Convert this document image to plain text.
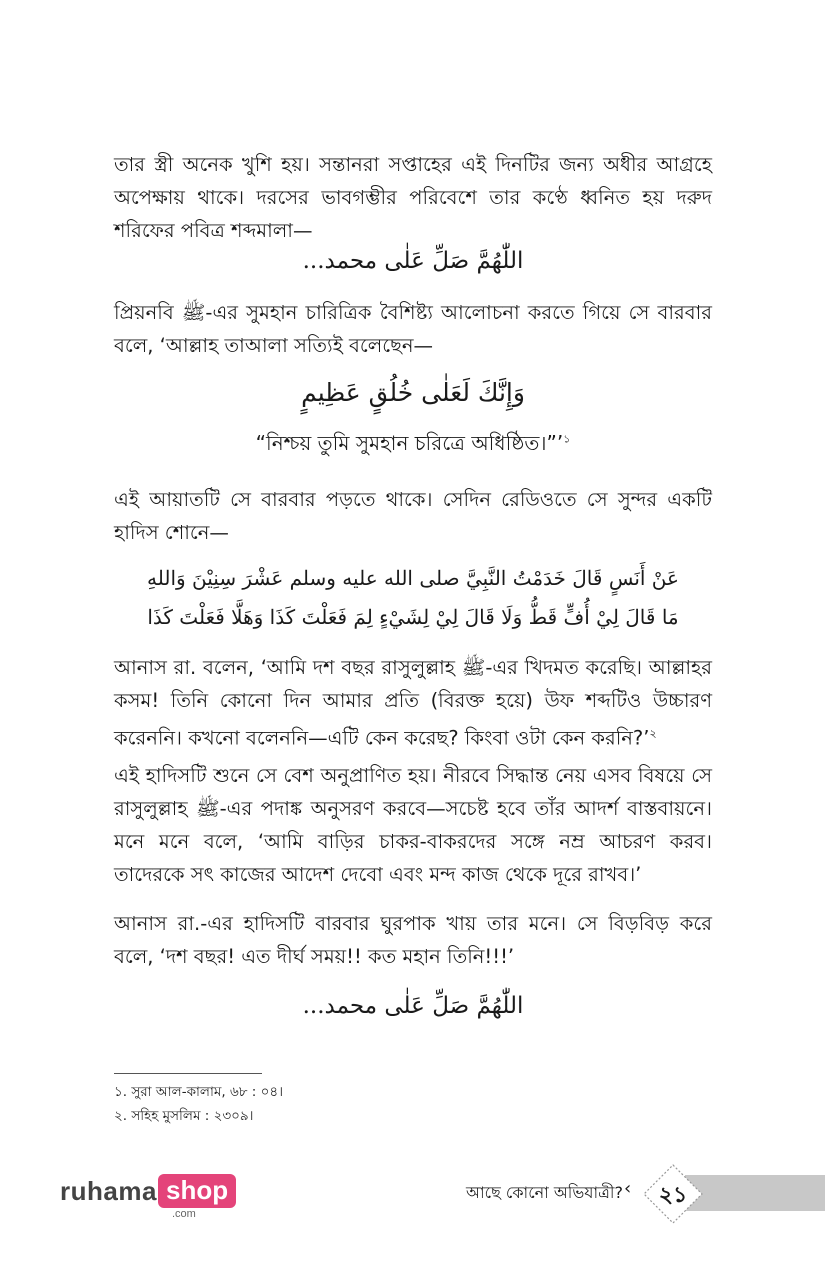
তার স্ত্রী অনেক খুশি হয়। সন্তানরা সপ্তাহের এই দিনটির জন্য অধীর আগ্রহে অপেক্ষায় থাকে। দরসের ভাবগম্ভীর পরিবেশে তার কণ্ঠে ধ্বনিত হয় দরুদ শরিফের পবিত্র শব্দমালা—

اللّٰهُمَّ صَلِّ عَلٰى محمد...

প্রিয়নবি ﷺ-এর সুমহান চারিত্রিক বৈশিষ্ট্য আলোচনা করতে গিয়ে সে বারবার বলে, ‘আল্লাহ তাআলা সত্যিই বলেছেন—

وَإِنَّكَ لَعَلٰى خُلُقٍ عَظِيمٍ

“নিশ্চয় তুমি সুমহান চরিত্রে অধিষ্ঠিত।”’$^১$

এই আয়াতটি সে বারবার পড়তে থাকে। সেদিন রেডিওতে সে সুন্দর একটি হাদিস শোনে—

عَنْ أَنَسٍ قَالَ خَدَمْتُ النَّبِيَّ صلى الله عليه وسلم عَشْرَ سِنِيْنَ وَاللهِ

مَا قَالَ لِيْ أُفٍّ قَطُّ وَلَا قَالَ لِيْ لِشَيْءٍ لِمَ فَعَلْتَ كَذَا وَهَلَّا فَعَلْتَ كَذَا

আনাস রা. বলেন, ‘আমি দশ বছর রাসুলুল্লাহ ﷺ-এর খিদমত করেছি। আল্লাহর কসম! তিনি কোনো দিন আমার প্রতি (বিরক্ত হয়ে) উফ শব্দটিও উচ্চারণ করেননি। কখনো বলেননি—এটি কেন করেছ? কিংবা ওটা কেন করনি?’$^২$

এই হাদিসটি শুনে সে বেশ অনুপ্রাণিত হয়। নীরবে সিদ্ধান্ত নেয় এসব বিষয়ে সে রাসুলুল্লাহ ﷺ-এর পদাঙ্ক অনুসরণ করবে—সচেষ্ট হবে তাঁর আদর্শ বাস্তবায়নে। মনে মনে বলে, ‘আমি বাড়ির চাকর-বাকরদের সঙ্গে নম্র আচরণ করব। তাদেরকে সৎ কাজের আদেশ দেবো এবং মন্দ কাজ থেকে দূরে রাখব।’

আনাস রা.-এর হাদিসটি বারবার ঘুরপাক খায় তার মনে। সে বিড়বিড় করে বলে, ‘দশ বছর! এত দীর্ঘ সময়!! কত মহান তিনি!!!’

اللّٰهُمَّ صَلِّ عَلٰى محمد...

১. সুরা আল-কালাম, ৬৮ : ০৪।

২. সহিহ মুসলিম : ২৩০৯।

ruhama shop
.com

আছে কোনো অভিযাত্রী? ‹	২১
